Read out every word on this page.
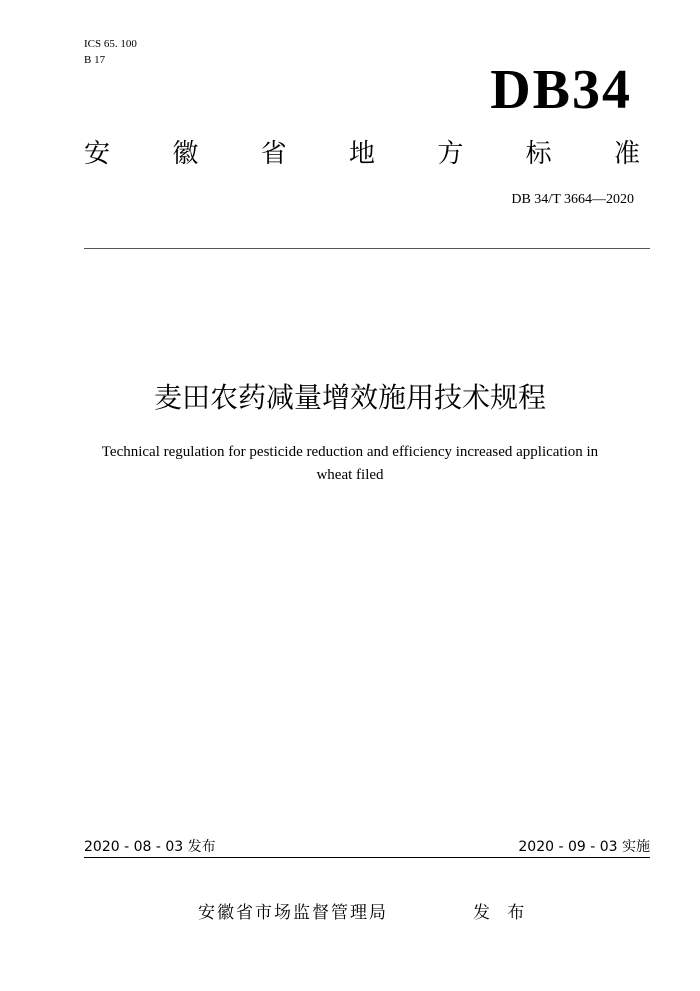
ICS 65. 100
B 17	DB34
安 徽 省 地 方 标 准
DB 34/T 3664—2020
麦田农药减量增效施用技术规程
Technical regulation for pesticide reduction and efficiency increased application in
wheat filed
2020 - 08 - 03 发布	2020 - 09 - 03 实施
安徽省市场监督管理局	发 布
